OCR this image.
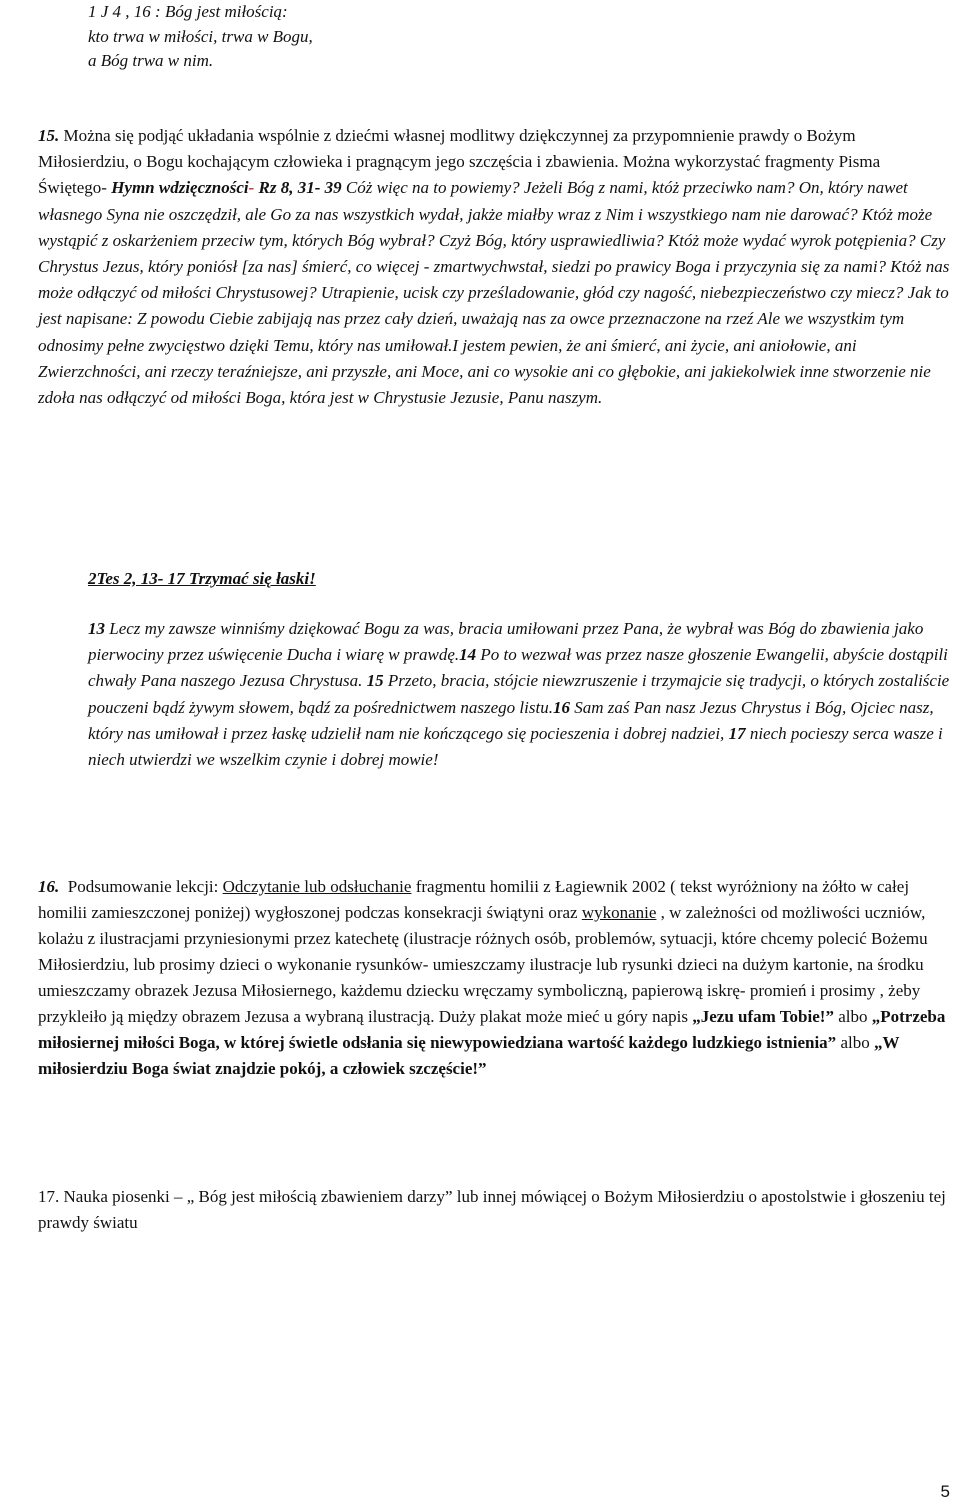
1 J 4 , 16 : Bóg jest miłością:
kto trwa w miłości, trwa w Bogu,
a Bóg trwa w nim.
15. Można się podjąć układania wspólnie z dziećmi własnej modlitwy dziękczynnej za przypomnienie prawdy o Bożym Miłosierdziu, o Bogu kochającym człowieka i pragnącym jego szczęścia i zbawienia. Można wykorzystać fragmenty Pisma Świętego- Hymn wdzięczności- Rz 8, 31- 39 Cóż więc na to powiemy? Jeżeli Bóg z nami, któż przeciwko nam? On, który nawet własnego Syna nie oszczędził, ale Go za nas wszystkich wydał, jakże miałby wraz z Nim i wszystkiego nam nie darować? Któż może wystąpić z oskarżeniem przeciw tym, których Bóg wybrał? Czyż Bóg, który usprawiedliwia? Któż może wydać wyrok potępienia? Czy Chrystus Jezus, który poniósł [za nas] śmierć, co więcej - zmartwychwstał, siedzi po prawicy Boga i przyczynia się za nami? Któż nas może odłączyć od miłości Chrystusowej? Utrapienie, ucisk czy prześladowanie, głód czy nagość, niebezpieczeństwo czy miecz? Jak to jest napisane: Z powodu Ciebie zabijają nas przez cały dzień, uważają nas za owce przeznaczone na rzeź Ale we wszystkim tym odnosimy pełne zwycięstwo dzięki Temu, który nas umiłował.I jestem pewien, że ani śmierć, ani życie, ani aniołowie, ani Zwierzchności, ani rzeczy teraźniejsze, ani przyszłe, ani Moce, ani co wysokie ani co głębokie, ani jakiekolwiek inne stworzenie nie zdoła nas odłączyć od miłości Boga, która jest w Chrystusie Jezusie, Panu naszym.
2Tes 2, 13- 17 Trzymać się łaski!
13 Lecz my zawsze winniśmy dziękować Bogu za was, bracia umiłowani przez Pana, że wybrał was Bóg do zbawienia jako pierwociny przez uświęcenie Ducha i wiarę w prawdę.14 Po to wezwał was przez nasze głoszenie Ewangelii, abyście dostąpili chwały Pana naszego Jezusa Chrystusa. 15 Przeto, bracia, stójcie niewzruszenie i trzymajcie się tradycji, o których zostaliście pouczeni bądź żywym słowem, bądź za pośrednictwem naszego listu.16 Sam zaś Pan nasz Jezus Chrystus i Bóg, Ojciec nasz, który nas umiłował i przez łaskę udzielił nam nie kończącego się pocieszenia i dobrej nadziei, 17 niech pocieszy serca wasze i niech utwierdzi we wszelkim czynie i dobrej mowie!
16. Podsumowanie lekcji: Odczytanie lub odsłuchanie fragmentu homilii z Łagiewnik 2002 ( tekst wyróżniony na żółto w całej homilii zamieszczonej poniżej) wygłoszonej podczas konsekracji świątyni oraz wykonanie , w zależności od możliwości uczniów, kolażu z ilustracjami przyniesionymi przez katechetę (ilustracje różnych osób, problemów, sytuacji, które chcemy polecić Bożemu Miłosierdziu, lub prosimy dzieci o wykonanie rysunków- umieszczamy ilustracje lub rysunki dzieci na dużym kartonie, na środku umieszczamy obrazek Jezusa Miłosiernego, każdemu dziecku wręczamy symboliczną, papierową iskrę- promień i prosimy , żeby przykleiło ją między obrazem Jezusa a wybraną ilustracją. Duży plakat może mieć u góry napis „Jezu ufam Tobie!” albo „Potrzeba miłosiernej miłości Boga, w której świetle odsłania się niewypowiedziana wartość każdego ludzkiego istnienia” albo „W miłosierdziu Boga świat znajdzie pokój, a człowiek szczęście!”
17. Nauka piosenki – „ Bóg jest miłością zbawieniem darzy” lub innej mówiącej o Bożym Miłosierdziu o apostolstwie i głoszeniu tej prawdy światu
5
